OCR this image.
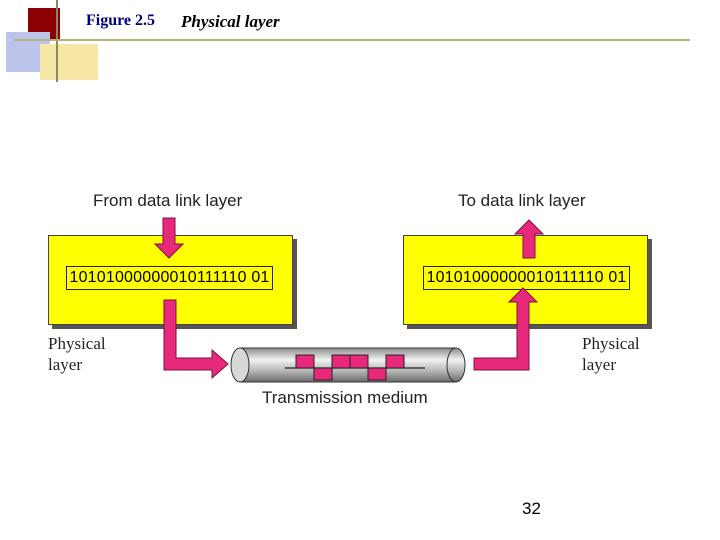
Figure 2.5 Physical layer
From data link layer	To data link layer
10101000000010111110 01	10101000000010111110 01
Physical
layer
Physical
layer
Transmission medium
32
